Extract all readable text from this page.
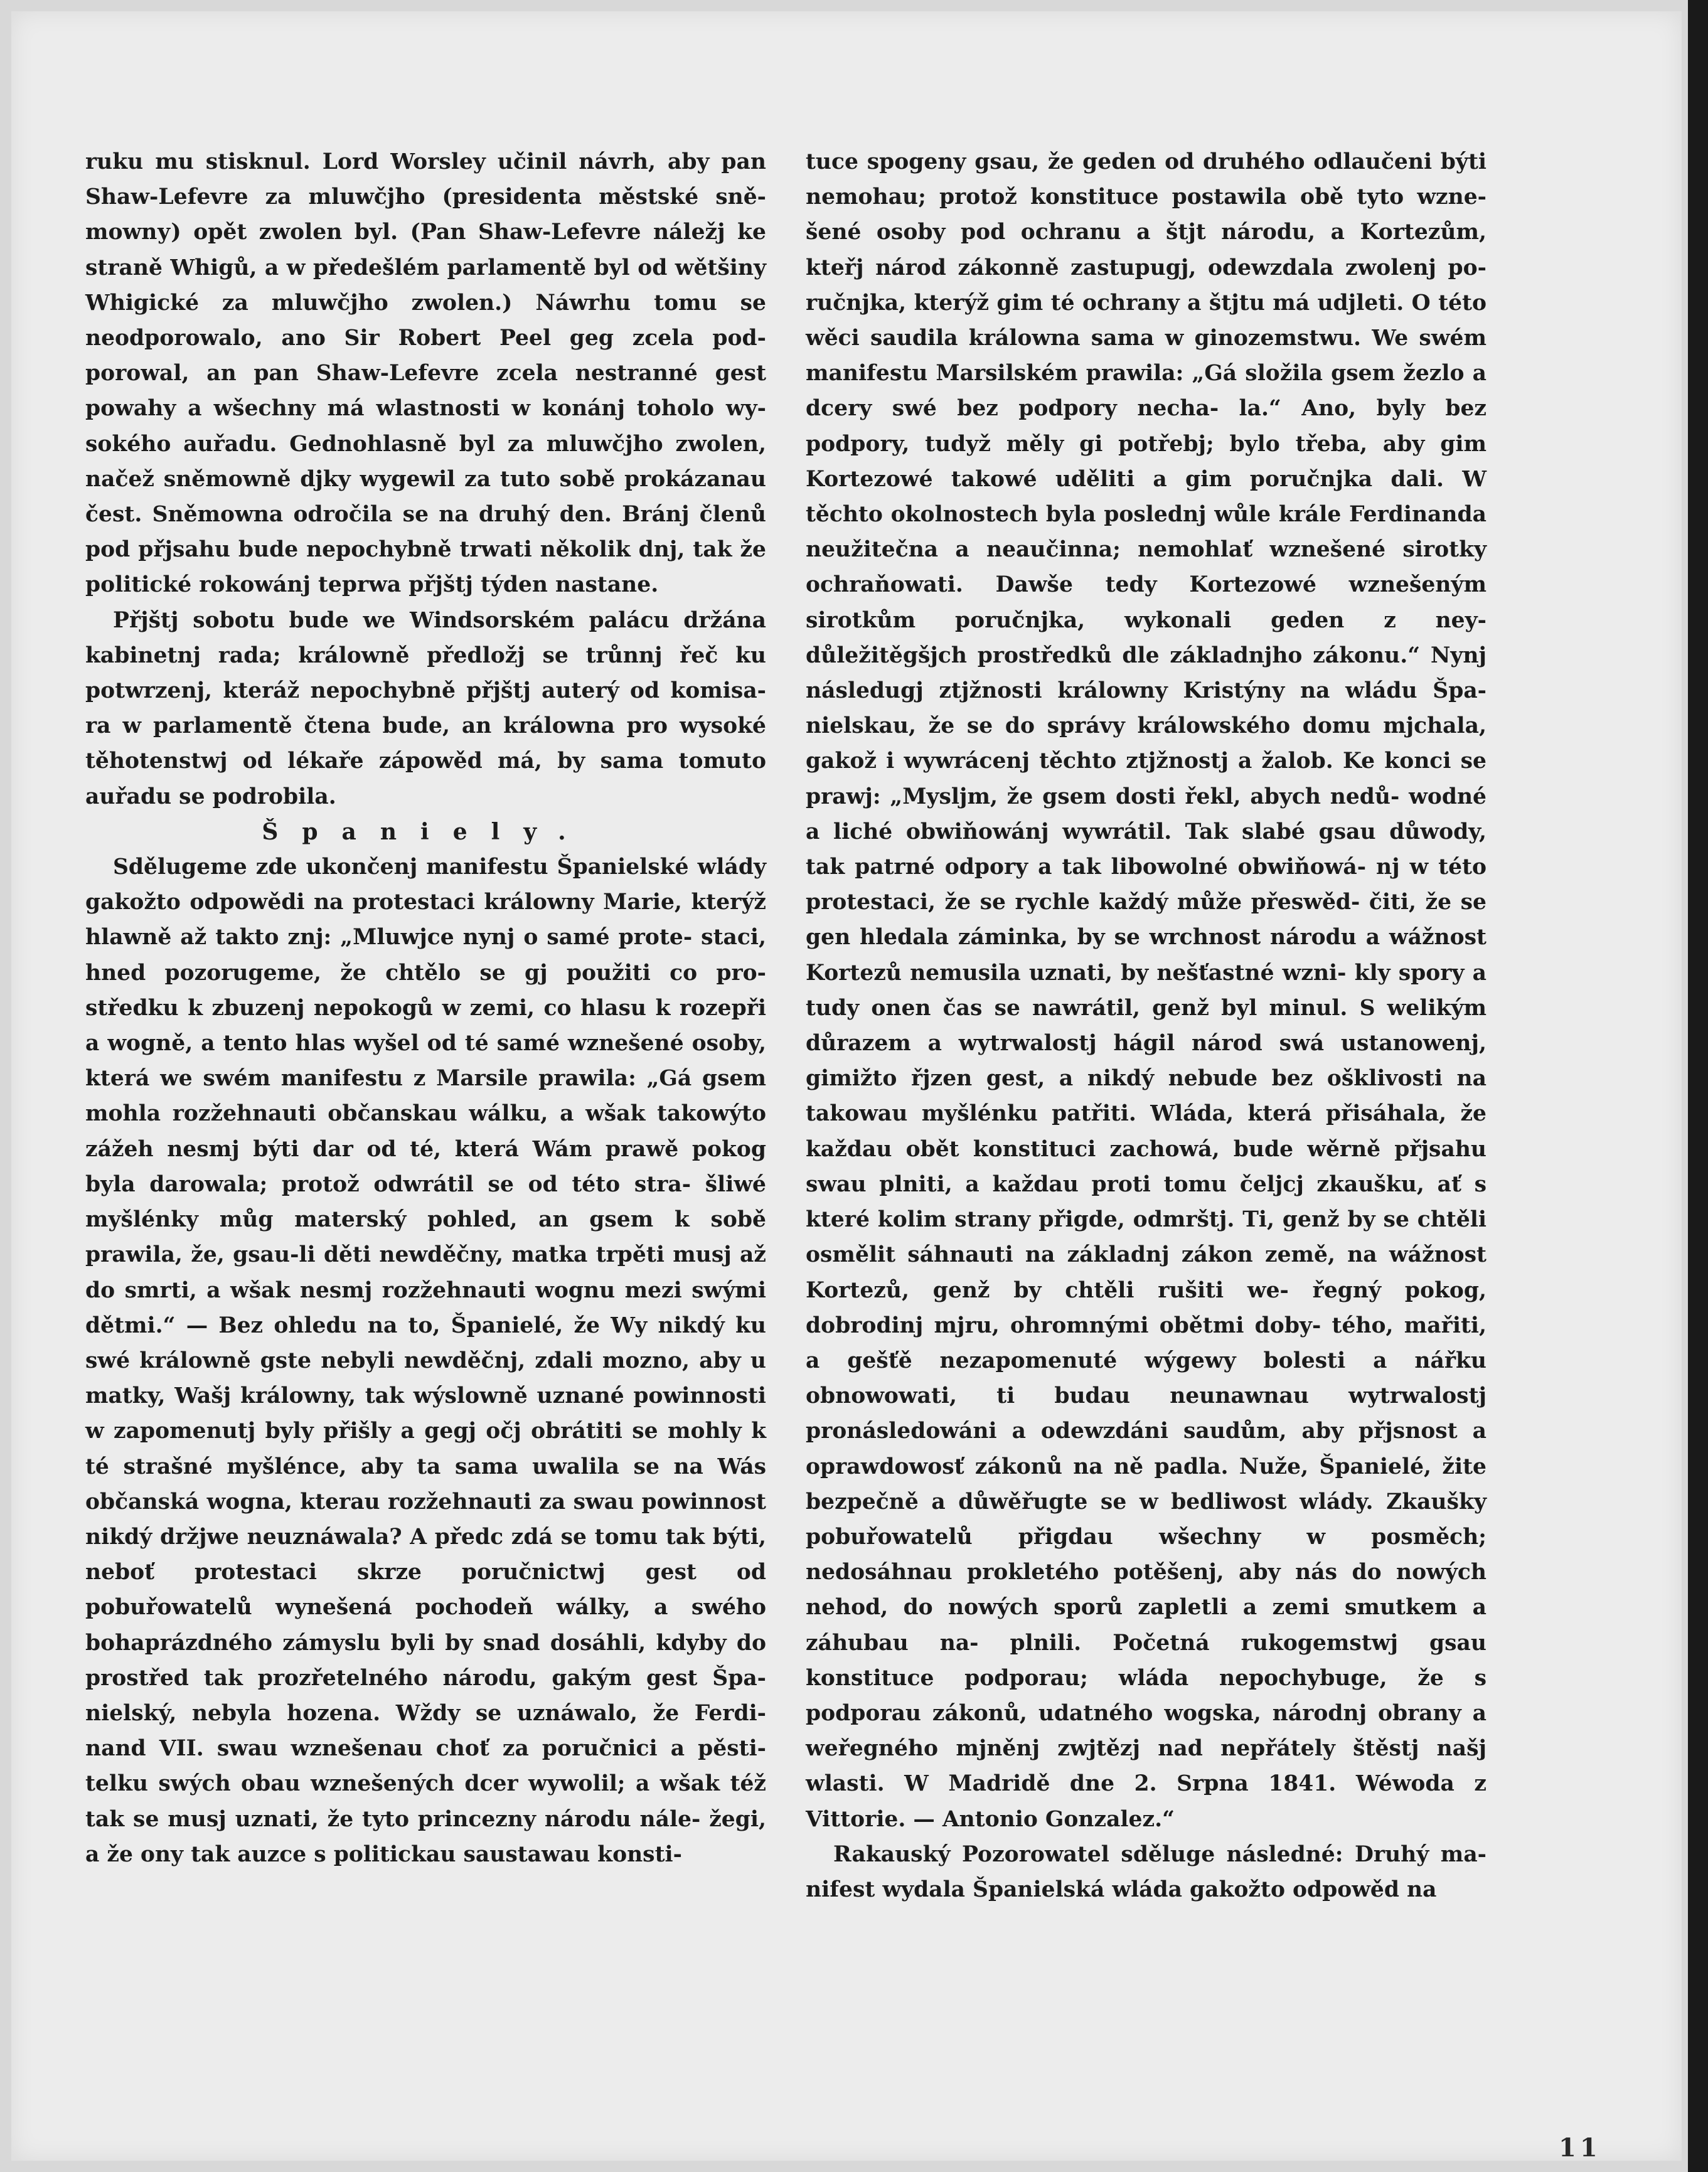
ruku mu stisknul. Lord Worsley učinil návrh, aby pan Shaw-Lefevre za mluwčjho (presidenta městské sně- mownу) opět zwolen byl. (Pan Shaw-Lefevre náležj ke straně Whigů, a w předešlém parlamentě byl od wětšiny Whigické za mluwčjho zwolen.) Náwrhu tomu se neodporowalo, ano Sir Robert Peel geg zcela pod- porowal, an pan Shaw-Lefevre zcela nestranné gest powahy a wšechny má wlastnosti w konánj toholo wy- sokého auřadu. Gednohlasně byl za mluwčjho zwolen, načež sněmowně djky wygewil za tuto sobě prokázanau čest. Sněmowna odročila se na druhý den. Bránj členů pod přjsahu bude nepochybně trwati několik dnj, tak že politické rokowánj teprwa přjštj týden nastane.

Přjštj sobotu bude we Windsorském palácu držána kabinetnj rada; králowně předložj se trůnnj řeč ku potwrzenj, kteráž nepochybně přjštj auterý od komisa- ra w parlamentě čtena bude, an králowna pro wysoké těhotenstwj od lékaře zápowěd má, by sama tomuto auřadu se podrobila.

Španiely.

Sdělugeme zde ukončenj manifestu Španielské wlády gakožto odpowědi na protestaci králowny Marie, kterýž hlawně až takto znj: „Mluwjce nynj o samé prote- staci, hned pozorugeme, že chtělo se gj použiti co pro- středku k zbuzenj nepokogů w zemi, co hlasu k rozepři a wogně, a tento hlas wyšel od té samé wznešené osoby, která we swém manifestu z Marsile prawila: „Gá gsem mohla rozžehnauti občanskau wálku, a wšak takowýto zážeh nesmj býti dar od té, která Wám prawě pokog byla darowala; protož odwrátil se od této stra- šliwé myšlénky můg materský pohled, an gsem k sobě prawila, že, gsau-li děti newděčny, matka trpěti musj až do smrti, a wšak nesmj rozžehnauti wognu mezi swými dětmi.“ — Bez ohledu na to, Španielé, že Wy nikdý ku swé králowně gste nebyli newděčnj, zdali mozno, aby u matky, Wašj králowny, tak wýslowně uznané powinnosti w zapomenutj byly přišly a gegj očj obrátiti se mohly k té strašné myšlénce, aby ta sama uwalila se na Wás občanská wogna, kterau rozžehnauti za swau powinnost nikdý držjwe neuznáwala? A předc zdá se tomu tak býti, neboť protestaci skrze poručnictwj gest od pobuřowatelů wynešená pochodeň wálky, a swého bohaprázdného zámyslu byli by snad dosáhli, kdyby do prostřed tak prozřetelného národu, gakým gest Špa- nielský, nebyla hozena. Wždy se uznáwalo, že Ferdi- nand VII. swau wznešenau choť za poručnici a pěsti- telku swých obau wznešených dcer wywolil; a wšak též tak se musj uznati, že tyto princezny národu nále- žegi, a že ony tak auzce s politickau saustawau konsti-

tuce spogeny gsau, že geden od druhého odlaučeni býti nemohau; protož konstituce postawila obě tyto wzne- šené osoby pod ochranu a štjt národu, a Kortezům, kteřj národ zákonně zastupugj, odewzdala zwolenj po- ručnjka, kterýž gim té ochrany a štjtu má udjleti. O této wěci saudila králowna sama w ginozemstwu. We swém manifestu Marsilském prawila: „Gá složila gsem žezlo a dcery swé bez podpory necha- la.“ Ano, byly bez podpory, tudyž měly gi potřebj; bylo třeba, aby gim Kortezowé takowé uděliti a gim poručnjka dali. W těchto okolnostech byla poslednj wůle krále Ferdinanda neužitečna a neaučinna; nemohlať wznešené sirotky ochraňowati. Dawše tedy Kortezowé wznešeným sirotkům poručnjka, wykonali geden z ney- důležitěgšjch prostředků dle základnjho zákonu.“ Nynj následugj ztjžnosti králowny Kristýny na wládu Špa- nielskau, že se do správy králowského domu mjchala, gakož i wywrácenj těchto ztjžnostj a žalob. Ke konci se prawj: „Myslјm, že gsem dosti řekl, abych nedů- wodné a liché obwiňowánj wywrátil. Tak slabé gsau důwody, tak patrné odpory a tak libowolné obwiňowá- nj w této protestaci, že se rychle každý může přeswěd- čiti, že se gen hledala záminka, by se wrchnost národu a wážnost Kortezů nemusila uznati, by nešťastné wzni- kly spory a tudy onen čas se nawrátil, genž byl minul. S welikým důrazem a wytrwalostj hágil národ swá ustanowenj, gimižto řjzen gest, a nikdý nebude bez ošklivosti na takowau myšlénku patřiti. Wláda, která přisáhala, že každau obět konstituci zachowá, bude wěrně přjsahu swau plniti, a každau proti tomu čeljcj zkaušku, ať s které kolim strany přigde, odmrštj. Ti, genž by se chtěli osmělit sáhnauti na základnj zákon země, na wážnost Kortezů, genž by chtěli rušiti we- řegný pokog, dobrodinj mjru, ohromnými obětmi doby- tého, mařiti, a gešťě nezapomenuté wýgewy bolesti a nářku obnowowati, ti budau neunawnau wytrwalostj pronásledowáni a odewzdáni saudům, aby přjsnost a oprawdowosť zákonů na ně padla. Nuže, Španielé, žite bezpečně a důwěřugte se w bedliwost wlády. Zkaušky pobuřowatelů přigdau wšechny w posměch; nedosáhnau prokletého potěšenj, aby nás do nowých nehod, do nowých sporů zapletli a zemi smutkem a záhubau na- plnili. Početná rukogemstwj gsau konstituce podporau; wláda nepochybuge, že s podporau zákonů, udatného wogska, národnj obrany a weřegného mjněnj zwjtězj nad nepřátely štěstj našj wlasti. W Madridě dne 2. Srpna 1841. Wéwoda z Vittorie. — Antonio Gonzalez.“

Rakauský Pozorowatel sděluge následné: Druhý ma- nifest wydala Španielská wláda gakožto odpowěd na

11
